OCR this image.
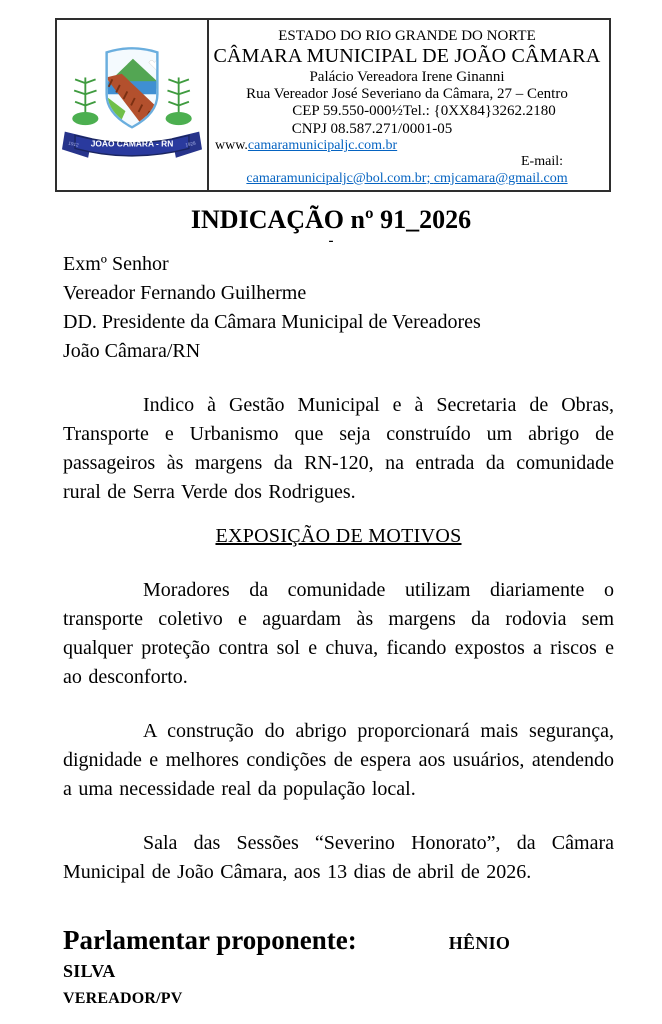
JOÃO CÂMARA - RN
1912	1928
ESTADO DO RIO GRANDE DO NORTE
CÂMARA MUNICIPAL DE JOÃO CÂMARA
Palácio Vereadora Irene Ginanni
Rua Vereador José Severiano da Câmara, 27 – Centro
CEP 59.550-000½Tel.: {0XX84}3262.2180
CNPJ 08.587.271/0001-05
www.camaramunicipaljc.com.br
E-mail:
camaramunicipaljc@bol.com.br; cmjcamara@gmail.com
INDICAÇÃO nº 91_2026
-
Exmº Senhor
Vereador Fernando Guilherme
DD. Presidente da Câmara Municipal de Vereadores
João Câmara/RN

Indico à Gestão Municipal e à Secretaria de Obras, Transporte e Urbanismo que seja construído um abrigo de passageiros às margens da RN-120, na entrada da comunidade rural de Serra Verde dos Rodrigues.

EXPOSIÇÃO DE MOTIVOS

Moradores da comunidade utilizam diariamente o transporte coletivo e aguardam às margens da rodovia sem qualquer proteção contra sol e chuva, ficando expostos a riscos e ao desconforto.

A construção do abrigo proporcionará mais segurança, dignidade e melhores condições de espera aos usuários, atendendo a uma necessidade real da população local.

Sala das Sessões “Severino Honorato”, da Câmara Municipal de João Câmara, aos 13 dias de abril de 2026.

Parlamentar proponente:	HÊNIO
SILVA
VEREADOR/PV
